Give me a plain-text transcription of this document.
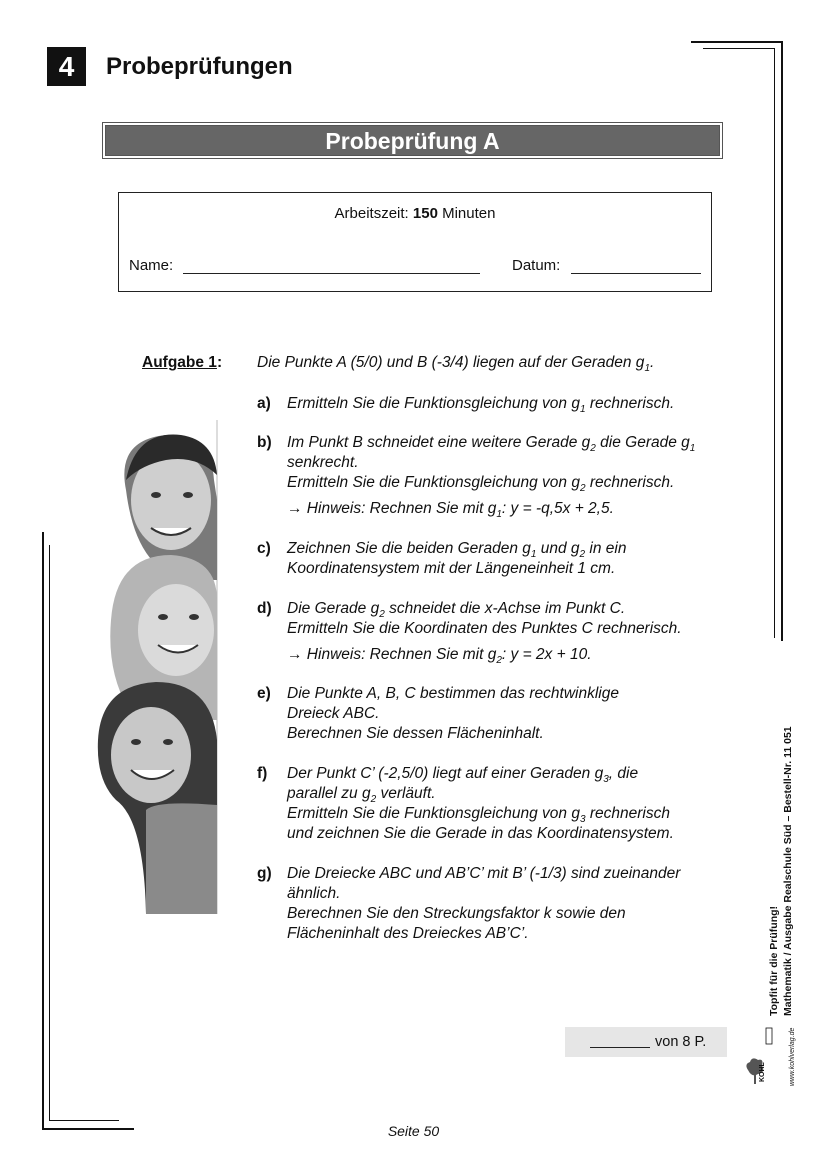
4	Probeprüfungen
Probeprüfung A
Arbeitszeit: 150 Minuten
Name:	Datum:
Aufgabe 1: Die Punkte A (5/0) und B (-3/4) liegen auf der Geraden $g_1$.
a) Ermitteln Sie die Funktionsgleichung von $g_1$ rechnerisch.
b) Im Punkt B schneidet eine weitere Gerade $g_2$ die Gerade $g_1$
senkrecht.
Ermitteln Sie die Funktionsgleichung von $g_2$ rechnerisch.
→ Hinweis: Rechnen Sie mit $g_1$: y = -q,5x + 2,5.
c) Zeichnen Sie die beiden Geraden $g_1$ und $g_2$ in ein
Koordinatensystem mit der Längeneinheit 1 cm.
d) Die Gerade $g_2$ schneidet die x-Achse im Punkt C.
Ermitteln Sie die Koordinaten des Punktes C rechnerisch.
→ Hinweis: Rechnen Sie mit $g_2$: y = 2x + 10.
e) Die Punkte A, B, C bestimmen das rechtwinklige
Dreieck ABC.
Berechnen Sie dessen Flächeninhalt.
f) Der Punkt C’ (-2,5/0) liegt auf einer Geraden $g_3$, die
parallel zu $g_2$ verläuft.
Ermitteln Sie die Funktionsgleichung von $g_3$ rechnerisch
und zeichnen Sie die Gerade in das Koordinatensystem.
g) Die Dreiecke ABC und AB’C’ mit B’ (-1/3) sind zueinander
ähnlich.
Berechnen Sie den Streckungsfaktor k sowie den
Flächeninhalt des Dreieckes AB’C’.
von 8 P.
Seite 50
Topfit für die Prüfung! Mathematik / Ausgabe Realschule Süd – Bestell-Nr. 11 051
KOHL	www.kohlverlag.de
